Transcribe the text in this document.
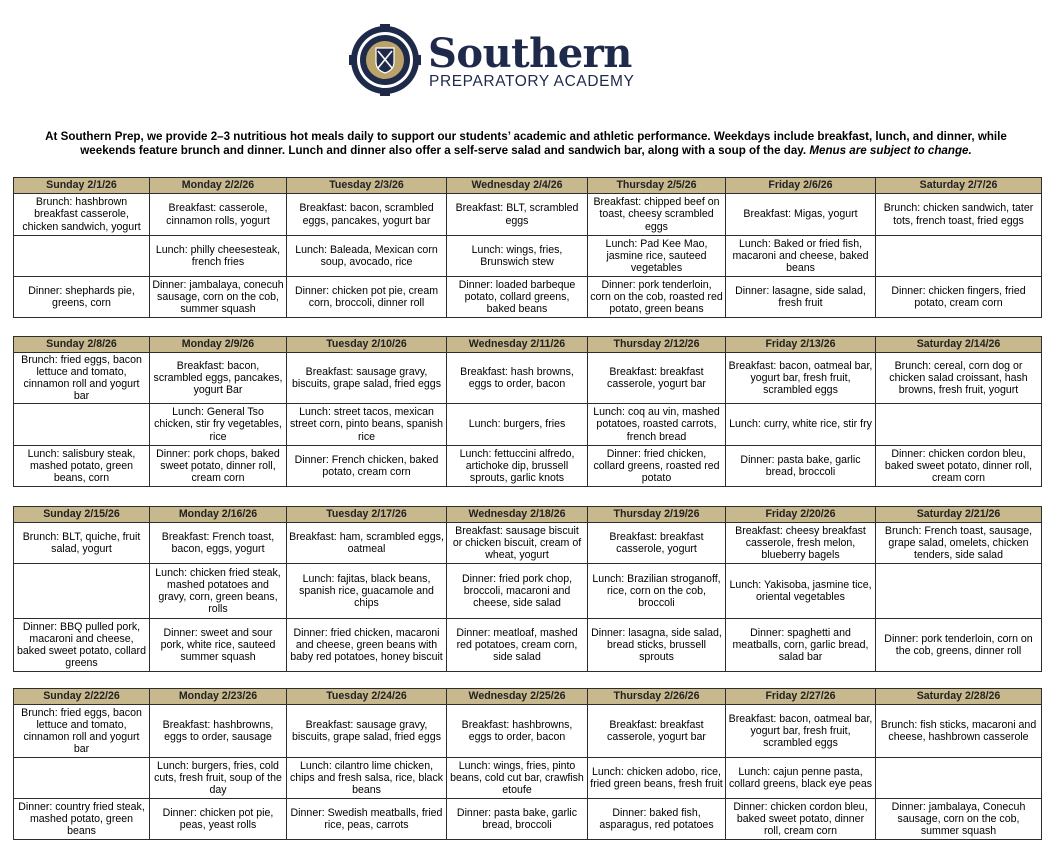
Southern
PREPARATORY ACADEMY
At Southern Prep, we provide 2–3 nutritious hot meals daily to support our students’ academic and athletic performance. Weekdays include breakfast, lunch, and dinner, while weekends feature brunch and dinner. Lunch and dinner also offer a self-serve salad and sandwich bar, along with a soup of the day. Menus are subject to change.
Sunday 2/1/26	Monday 2/2/26	Tuesday 2/3/26	Wednesday 2/4/26	Thursday 2/5/26	Friday 2/6/26	Saturday 2/7/26
Brunch: hashbrown breakfast casserole, chicken sandwich, yogurt	Breakfast: casserole, cinnamon rolls, yogurt	Breakfast: bacon, scrambled eggs, pancakes, yogurt bar	Breakfast: BLT, scrambled eggs	Breakfast: chipped beef on toast, cheesy scrambled eggs	Breakfast: Migas, yogurt	Brunch: chicken sandwich, tater tots, french toast, fried eggs
	Lunch: philly cheesesteak, french fries	Lunch: Baleada, Mexican corn soup, avocado, rice	Lunch: wings, fries, Brunswich stew	Lunch: Pad Kee Mao, jasmine rice, sauteed vegetables	Lunch: Baked or fried fish, macaroni and cheese, baked beans	
Dinner: shephards pie, greens, corn	Dinner: jambalaya, conecuh sausage, corn on the cob, summer squash	Dinner: chicken pot pie, cream corn, broccoli, dinner roll	Dinner: loaded barbeque potato, collard greens, baked beans	Dinner: pork tenderloin, corn on the cob, roasted red potato, green beans	Dinner: lasagne, side salad, fresh fruit	Dinner: chicken fingers, fried potato, cream corn
Sunday 2/8/26	Monday 2/9/26	Tuesday 2/10/26	Wednesday 2/11/26	Thursday 2/12/26	Friday 2/13/26	Saturday 2/14/26
Brunch: fried eggs, bacon lettuce and tomato, cinnamon roll and yogurt bar	Breakfast: bacon, scrambled eggs, pancakes, yogurt Bar	Breakfast: sausage gravy, biscuits, grape salad, fried eggs	Breakfast: hash browns, eggs to order, bacon	Breakfast: breakfast casserole, yogurt bar	Breakfast: bacon, oatmeal bar, yogurt bar, fresh fruit, scrambled eggs	Brunch: cereal, corn dog or chicken salad croissant, hash browns, fresh fruit, yogurt
	Lunch: General Tso chicken, stir fry vegetables, rice	Lunch: street tacos, mexican street corn, pinto beans, spanish rice	Lunch: burgers, fries	Lunch: coq au vin, mashed potatoes, roasted carrots, french bread	Lunch: curry, white rice, stir fry	
Lunch: salisbury steak, mashed potato, green beans, corn	Dinner: pork chops, baked sweet potato, dinner roll, cream corn	Dinner: French chicken, baked potato, cream corn	Lunch: fettuccini alfredo, artichoke dip, brussell sprouts, garlic knots	Dinner: fried chicken, collard greens, roasted red potato	Dinner: pasta bake, garlic bread, broccoli	Dinner: chicken cordon bleu, baked sweet potato, dinner roll, cream corn
Sunday 2/15/26	Monday 2/16/26	Tuesday 2/17/26	Wednesday 2/18/26	Thursday 2/19/26	Friday 2/20/26	Saturday 2/21/26
Brunch: BLT, quiche, fruit salad, yogurt	Breakfast: French toast, bacon, eggs, yogurt	Breakfast: ham, scrambled eggs, oatmeal	Breakfast: sausage biscuit or chicken biscuit, cream of wheat, yogurt	Breakfast: breakfast casserole, yogurt	Breakfast: cheesy breakfast casserole, fresh melon, blueberry bagels	Brunch: French toast, sausage, grape salad, omelets, chicken tenders, side salad
	Lunch: chicken fried steak, mashed potatoes and gravy, corn, green beans, rolls	Lunch: fajitas, black beans, spanish rice, guacamole and chips	Dinner: fried pork chop, broccoli, macaroni and cheese, side salad	Lunch: Brazilian stroganoff, rice, corn on the cob, broccoli	Lunch: Yakisoba, jasmine tice, oriental vegetables	
Dinner: BBQ pulled pork, macaroni and cheese, baked sweet potato, collard greens	Dinner: sweet and sour pork, white rice, sauteed summer squash	Dinner: fried chicken, macaroni and cheese, green beans with baby red potatoes, honey biscuit	Dinner: meatloaf, mashed red potatoes, cream corn, side salad	Dinner: lasagna, side salad, bread sticks, brussell sprouts	Dinner: spaghetti and meatballs, corn, garlic bread, salad bar	Dinner: pork tenderloin, corn on the cob, greens, dinner roll
Sunday 2/22/26	Monday 2/23/26	Tuesday 2/24/26	Wednesday 2/25/26	Thursday 2/26/26	Friday 2/27/26	Saturday 2/28/26
Brunch: fried eggs, bacon lettuce and tomato, cinnamon roll and yogurt bar	Breakfast: hashbrowns, eggs to order, sausage	Breakfast: sausage gravy, biscuits, grape salad, fried eggs	Breakfast: hashbrowns, eggs to order, bacon	Breakfast: breakfast casserole, yogurt bar	Breakfast: bacon, oatmeal bar, yogurt bar, fresh fruit, scrambled eggs	Brunch: fish sticks, macaroni and cheese, hashbrown casserole
	Lunch: burgers, fries, cold cuts, fresh fruit, soup of the day	Lunch: cilantro lime chicken, chips and fresh salsa, rice, black beans	Lunch: wings, fries, pinto beans, cold cut bar, crawfish etoufe	Lunch: chicken adobo, rice, fried green beans, fresh fruit	Lunch: cajun penne pasta, collard greens, black eye peas	
Dinner: country fried steak, mashed potato, green beans	Dinner: chicken pot pie, peas, yeast rolls	Dinner: Swedish meatballs, fried rice, peas, carrots	Dinner: pasta bake, garlic bread, broccoli	Dinner: baked fish, asparagus, red potatoes	Dinner: chicken cordon bleu, baked sweet potato, dinner roll, cream corn	Dinner: jambalaya, Conecuh sausage, corn on the cob, summer squash
